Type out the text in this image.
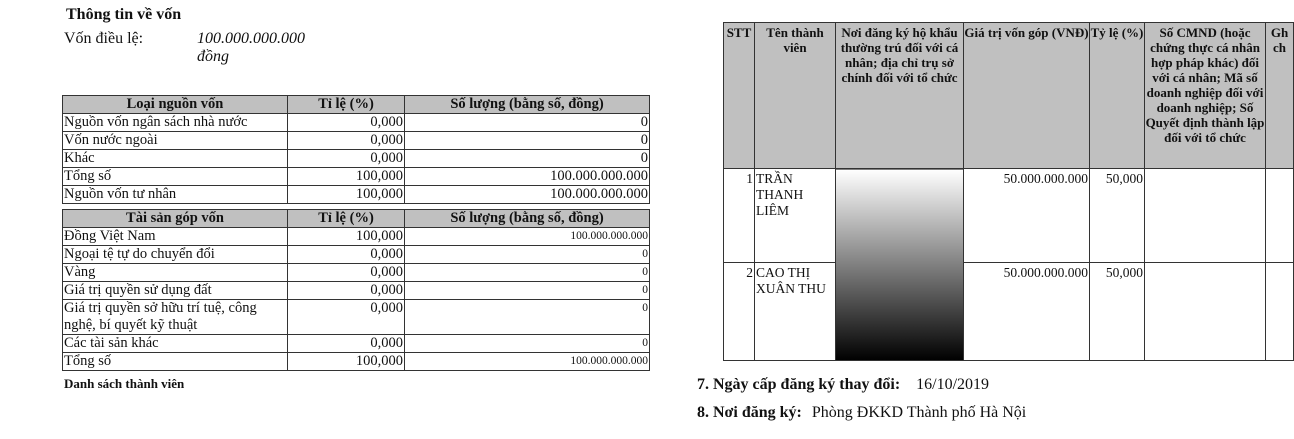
Thông tin về vốn
Vốn điều lệ:	100.000.000.000
đồng
Loại nguồn vốn	Tỉ lệ (%)	Số lượng (bằng số, đồng)
Nguồn vốn ngân sách nhà nước	0,000	0
Vốn nước ngoài	0,000	0
Khác	0,000	0
Tổng số	100,000	100.000.000.000
Nguồn vốn tư nhân	100,000	100.000.000.000
Tài sản góp vốn	Tỉ lệ (%)	Số lượng (bằng số, đồng)
Đồng Việt Nam	100,000	100.000.000.000
Ngoại tệ tự do chuyển đổi	0,000	0
Vàng	0,000	0
Giá trị quyền sử dụng đất	0,000	0
Giá trị quyền sở hữu trí tuệ, công nghệ, bí quyết kỹ thuật	0,000	0
Các tài sản khác	0,000	0
Tổng số	100,000	100.000.000.000
Danh sách thành viên
STT	Tên thành viên	Nơi đăng ký hộ khẩu thường trú đối với cá nhân; địa chỉ trụ sở chính đối với tổ chức	Giá trị vốn góp (VNĐ)	Tỷ lệ (%)	Số CMND (hoặc chứng thực cá nhân hợp pháp khác) đối với cá nhân; Mã số doanh nghiệp đối với doanh nghiệp; Số Quyết định thành lập đối với tổ chức	Gh ch
1	TRẦN THANH LIÊM		50.000.000.000	50,000		
2	CAO THỊ XUÂN THU		50.000.000.000	50,000		
7. Ngày cấp đăng ký thay đổi: 16/10/2019
8. Nơi đăng ký: Phòng ĐKKD Thành phố Hà Nội
